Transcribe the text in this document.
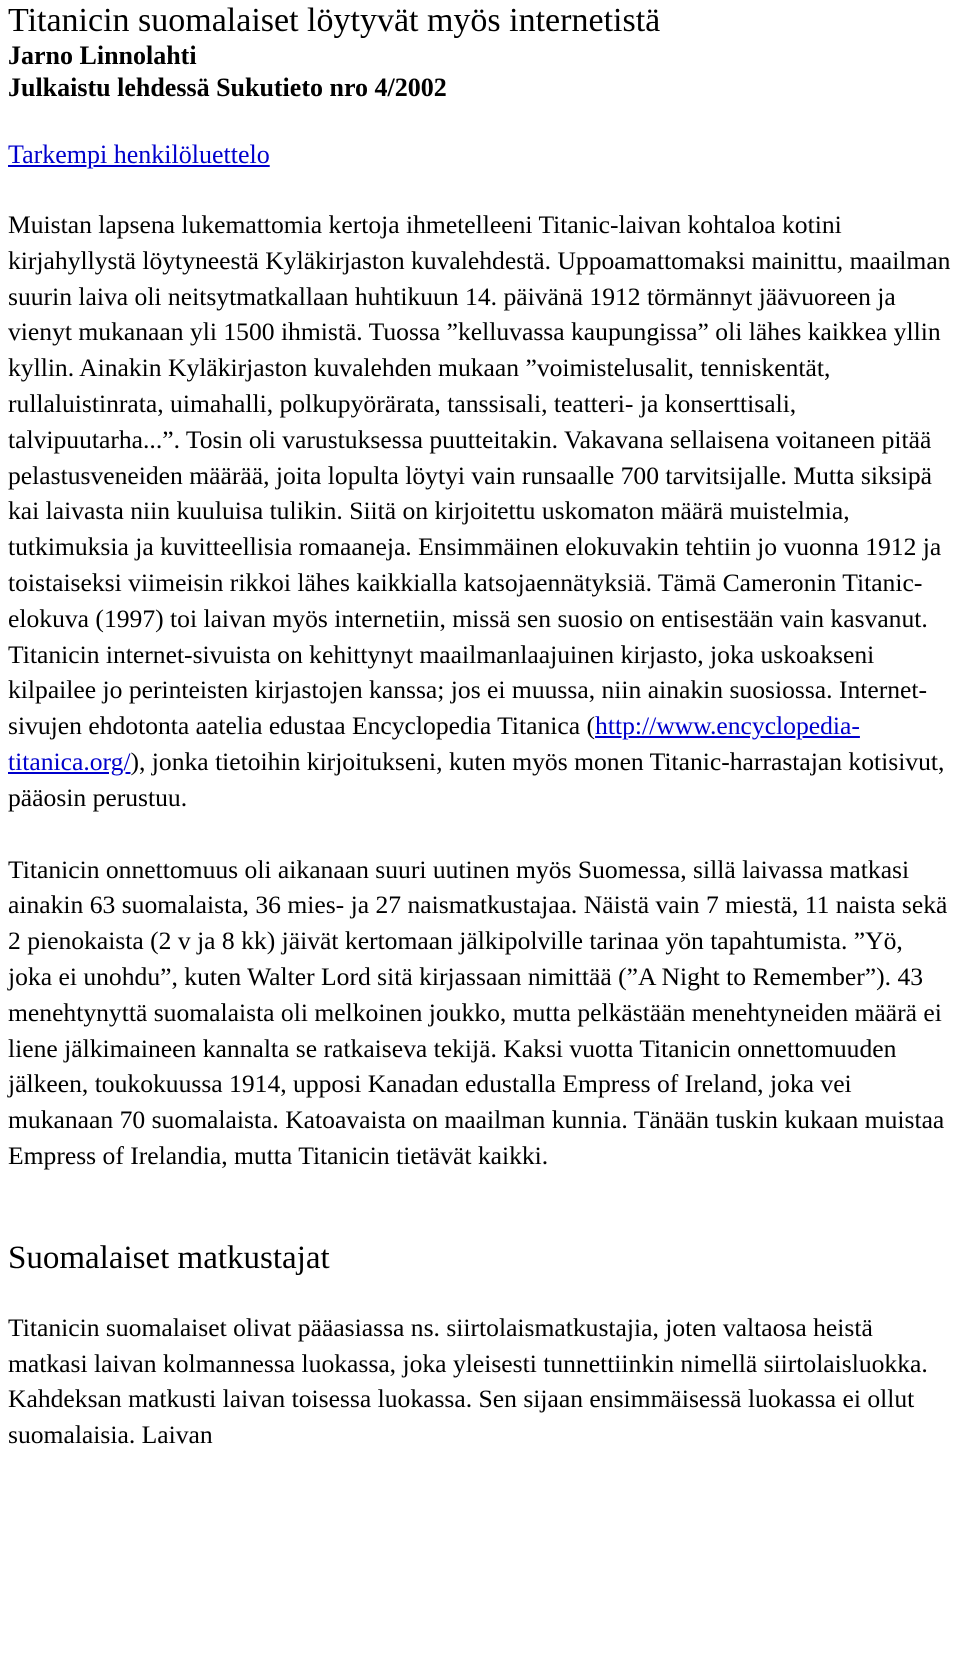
Titanicin suomalaiset löytyvät myös internetistä
Jarno Linnolahti
Julkaistu lehdessä Sukutieto nro 4/2002
Tarkempi henkilöluettelo

Muistan lapsena lukemattomia kertoja ihmetelleeni Titanic-laivan kohtaloa kotini kirjahyllystä löytyneestä Kyläkirjaston kuvalehdestä. Uppoamattomaksi mainittu, maailman suurin laiva oli neitsytmatkallaan huhtikuun 14. päivänä 1912 törmännyt jäävuoreen ja vienyt mukanaan yli 1500 ihmistä. Tuossa ”kelluvassa kaupungissa” oli lähes kaikkea yllin kyllin. Ainakin Kyläkirjaston kuvalehden mukaan ”voimistelusalit, tenniskentät, rullaluistinrata, uimahalli, polkupyörärata, tanssisali, teatteri- ja konserttisali, talvipuutarha...”. Tosin oli varustuksessa puutteitakin. Vakavana sellaisena voitaneen pitää pelastusveneiden määrää, joita lopulta löytyi vain runsaalle 700 tarvitsijalle. Mutta siksipä kai laivasta niin kuuluisa tulikin. Siitä on kirjoitettu uskomaton määrä muistelmia, tutkimuksia ja kuvitteellisia romaaneja. Ensimmäinen elokuvakin tehtiin jo vuonna 1912 ja toistaiseksi viimeisin rikkoi lähes kaikkialla katsojaennätyksiä. Tämä Cameronin Titanic-elokuva (1997) toi laivan myös internetiin, missä sen suosio on entisestään vain kasvanut. Titanicin internet-sivuista on kehittynyt maailmanlaajuinen kirjasto, joka uskoakseni kilpailee jo perinteisten kirjastojen kanssa; jos ei muussa, niin ainakin suosiossa. Internet-sivujen ehdotonta aatelia edustaa Encyclopedia Titanica (http://www.encyclopedia-titanica.org/), jonka tietoihin kirjoitukseni, kuten myös monen Titanic-harrastajan kotisivut, pääosin perustuu.

Titanicin onnettomuus oli aikanaan suuri uutinen myös Suomessa, sillä laivassa matkasi ainakin 63 suomalaista, 36 mies- ja 27 naismatkustajaa. Näistä vain 7 miestä, 11 naista sekä 2 pienokaista (2 v ja 8 kk) jäivät kertomaan jälkipolville tarinaa yön tapahtumista. ”Yö, joka ei unohdu”, kuten Walter Lord sitä kirjassaan nimittää (”A Night to Remember”). 43 menehtynyttä suomalaista oli melkoinen joukko, mutta pelkästään menehtyneiden määrä ei liene jälkimaineen kannalta se ratkaiseva tekijä. Kaksi vuotta Titanicin onnettomuuden jälkeen, toukokuussa 1914, upposi Kanadan edustalla Empress of Ireland, joka vei mukanaan 70 suomalaista. Katoavaista on maailman kunnia. Tänään tuskin kukaan muistaa Empress of Irelandia, mutta Titanicin tietävät kaikki.

Suomalaiset matkustajat

Titanicin suomalaiset olivat pääasiassa ns. siirtolaismatkustajia, joten valtaosa heistä matkasi laivan kolmannessa luokassa, joka yleisesti tunnettiinkin nimellä siirtolaisluokka. Kahdeksan matkusti laivan toisessa luokassa. Sen sijaan ensimmäisessä luokassa ei ollut suomalaisia. Laivan
